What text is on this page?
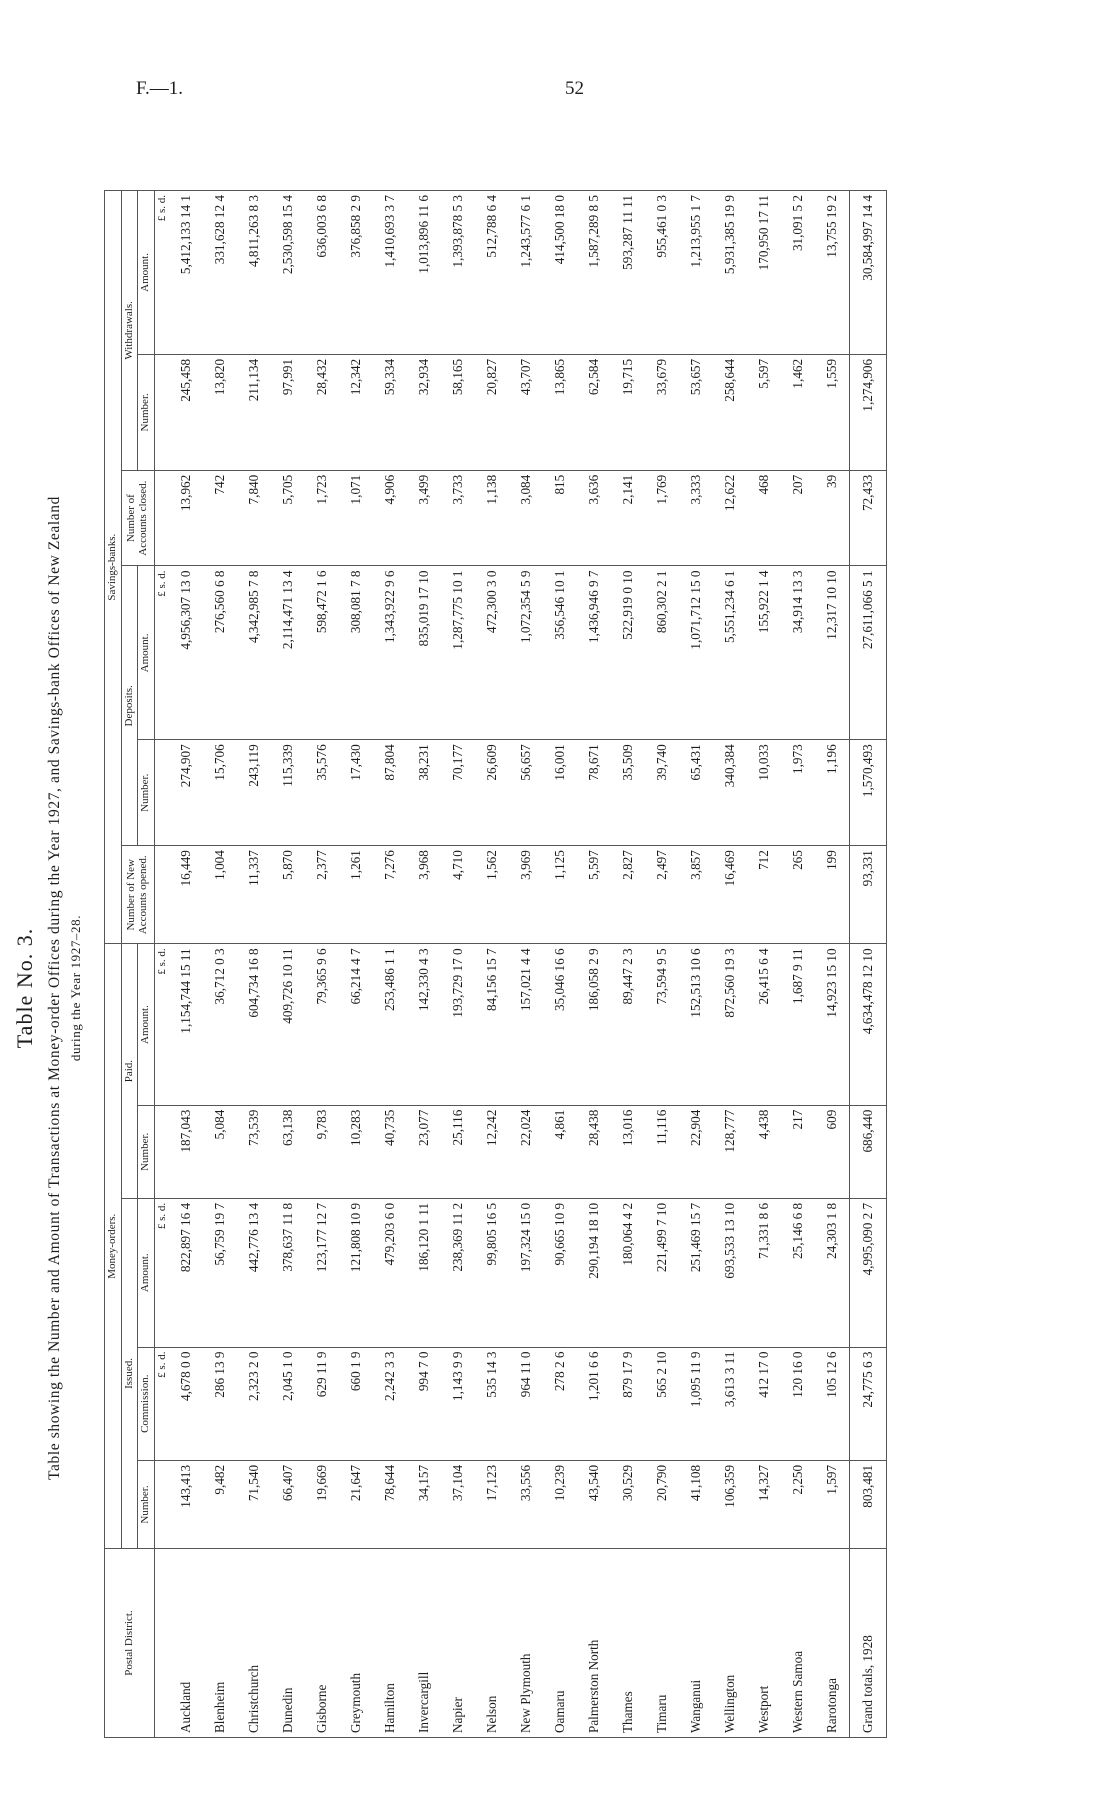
F.—1.	52
Table No. 3. Table showing the Number and Amount of Transactions at Money-order Offices during the Year 1927, and Savings-bank Offices of New Zealand during the Year 1927–28.
Postal District.	Money-orders.					Savings-banks.					
	Issued.			Paid.		Number of New Accounts opened.	Deposits.		Number of Accounts closed.	Withdrawals.	
	Number.	Commission.	Amount.	Number.	Amount.		Number.	Amount.		Number.	Amount.
		£ s. d.	£ s. d.		£ s. d.			£ s. d.			£ s. d.
Auckland	143,413	4,678 0 0	822,897 16 4	187,043	1,154,744 15 11	16,449	274,907	4,956,307 13 0	13,962	245,458	5,412,133 14 1
Blenheim	9,482	286 13 9	56,759 19 7	5,084	36,712 0 3	1,004	15,706	276,560 6 8	742	13,820	331,628 12 4
Christchurch	71,540	2,323 2 0	442,776 13 4	73,539	604,734 16 8	11,337	243,119	4,342,985 7 8	7,840	211,134	4,811,263 8 3
Dunedin	66,407	2,045 1 0	378,637 11 8	63,138	409,726 10 11	5,870	115,339	2,114,471 13 4	5,705	97,991	2,530,598 15 4
Gisborne	19,669	629 11 9	123,177 12 7	9,783	79,365 9 6	2,377	35,576	598,472 1 6	1,723	28,432	636,003 6 8
Greymouth	21,647	660 1 9	121,808 10 9	10,283	66,214 4 7	1,261	17,430	308,081 7 8	1,071	12,342	376,858 2 9
Hamilton	78,644	2,242 3 3	479,203 6 0	40,735	253,486 1 1	7,276	87,804	1,343,922 9 6	4,906	59,334	1,410,693 3 7
Invercargill	34,157	994 7 0	186,120 1 11	23,077	142,330 4 3	3,968	38,231	835,019 17 10	3,499	32,934	1,013,896 11 6
Napier	37,104	1,143 9 9	238,369 11 2	25,116	193,729 17 0	4,710	70,177	1,287,775 10 1	3,733	58,165	1,393,878 5 3
Nelson	17,123	535 14 3	99,805 16 5	12,242	84,156 15 7	1,562	26,609	472,300 3 0	1,138	20,827	512,788 6 4
New Plymouth	33,556	964 11 0	197,324 15 0	22,024	157,021 4 4	3,969	56,657	1,072,354 5 9	3,084	43,707	1,243,577 6 1
Oamaru	10,239	278 2 6	90,665 10 9	4,861	35,046 16 6	1,125	16,001	356,546 10 1	815	13,865	414,500 18 0
Palmerston North	43,540	1,201 6 6	290,194 18 10	28,438	186,058 2 9	5,597	78,671	1,436,946 9 7	3,636	62,584	1,587,289 8 5
Thames	30,529	879 17 9	180,064 4 2	13,016	89,447 2 3	2,827	35,509	522,919 0 10	2,141	19,715	593,287 11 11
Timaru	20,790	565 2 10	221,499 7 10	11,116	73,594 9 5	2,497	39,740	860,302 2 1	1,769	33,679	955,461 0 3
Wanganui	41,108	1,095 11 9	251,469 15 7	22,904	152,513 10 6	3,857	65,431	1,071,712 15 0	3,333	53,657	1,213,955 1 7
Wellington	106,359	3,613 3 11	693,533 13 10	128,777	872,560 19 3	16,469	340,384	5,551,234 6 1	12,622	258,644	5,931,385 19 9
Westport	14,327	412 17 0	71,331 8 6	4,438	26,415 6 4	712	10,033	155,922 1 4	468	5,597	170,950 17 11
Western Samoa	2,250	120 16 0	25,146 6 8	217	1,687 9 11	265	1,973	34,914 13 3	207	1,462	31,091 5 2
Rarotonga	1,597	105 12 6	24,303 1 8	609	14,923 15 10	199	1,196	12,317 10 10	39	1,559	13,755 19 2
Grand totals, 1928	803,481	24,775 6 3	4,995,090 2 7	686,440	4,634,478 12 10	93,331	1,570,493	27,611,066 5 1	72,433	1,274,906	30,584,997 14 4
